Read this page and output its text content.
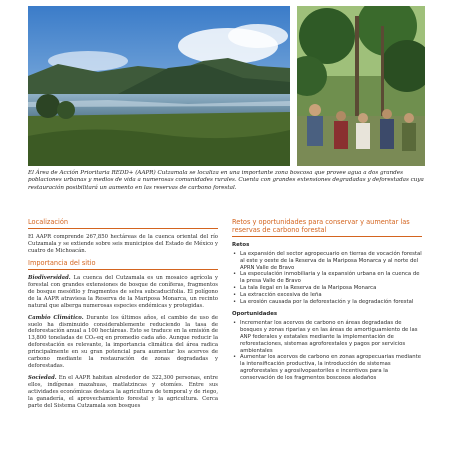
El Área de Acción Prioritaria REDD+ (AAPR) Cutzamala se localiza en una importante zona boscosa que provee agua a dos grandes poblaciones urbanas y medios de vida a numerosas comunidades rurales. Cuenta con grandes extensiones degradadas y deforestadas cuya restauración posibilitará un aumento en las reservas de carbono forestal.

Localización

El AAPR comprende 267,850 hectáreas de la cuenca oriental del río Cutzamala y se extiende sobre seis municipios del Estado de México y cuatro de Michoacán.

Importancia del sitio

Biodiversidad. La cuenca del Cutzamala es un mosaico agrícola y forestal con grandes extensiones de bosque de coníferas, fragmentos de bosque mesófilo y fragmentos de selva subcaducifolia. El polígono de la AAPR atraviesa la Reserva de la Mariposa Monarca, un recinto natural que alberga numerosas especies endémicas y protegidas.

Cambio Climático. Durante los últimos años, el cambio de uso de suelo ha disminuido considerablemente reduciendo la tasa de deforestación anual a 100 hectáreas. Esto se traduce en la emisión de 13,800 toneladas de CO₂-eq en promedio cada año. Aunque reducir la deforestación es relevante, la importancia climática del área radica principalmente en su gran potencial para aumentar los acervos de carbono mediante la restauración de zonas degradadas y deforestadas.

Sociedad. En el AAPR habitan alrededor de 322,300 personas, entre ellos, indígenas mazahuas, matlatzincas y otomíes. Entre sus actividades económicas destaca la agricultura de temporal y de riego, la ganadería, el aprovechamiento forestal y la agricultura. Cerca parte del Sistema Cutzamala son bosques

Retos y oportunidades para conservar y aumentar las reservas de carbono forestal
Retos
• La expansión del sector agropecuario en tierras de vocación forestal al este y oeste de la Reserva de la Mariposa Monarca y al norte del APRN Valle de Bravo
• La especulación inmobiliaria y la expansión urbana en la cuenca de la presa Valle de Bravo
• La tala ilegal en la Reserva de la Mariposa Monarca
• La extracción excesiva de leña
• La erosión causada por la deforestación y la degradación forestal
Oportunidades
• Incrementar los acervos de carbono en áreas degradadas de bosques y zonas riparias y en las áreas de amortiguamiento de las ANP federales y estatales mediante la implementación de reforestaciones, sistemas agroforestales y pagos por servicios ambientales
• Aumentar los acervos de carbono en zonas agropecuarias mediante la intensificación productiva, la introducción de sistemas agroforestales y agrosilvopastoriles e incentivos para la conservación de los fragmentos boscosos aledaños
